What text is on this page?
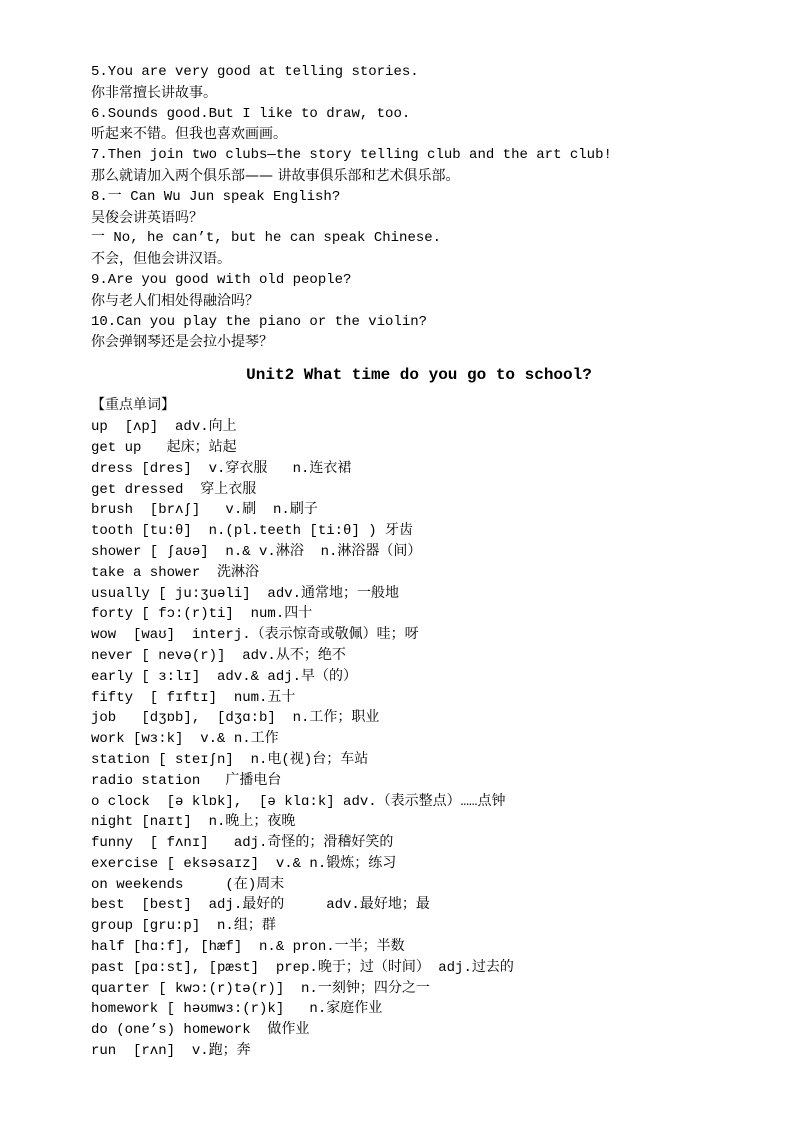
5.You are very good at telling stories.
你非常擅长讲故事。
6.Sounds good.But I like to draw, too.
听起来不错。但我也喜欢画画。
7.Then join two clubs—the story telling club and the art club!
那么就请加入两个俱乐部—— 讲故事俱乐部和艺术俱乐部。
8.一 Can Wu Jun speak English?
吴俊会讲英语吗？
一 No, he can’t, but he can speak Chinese.
不会，但他会讲汉语。
9.Are you good with old people?
你与老人们相处得融洽吗？
10.Can you play the piano or the violin?
你会弹钢琴还是会拉小提琴？
Unit2 What time do you go to school?
【重点单词】
up  [ʌp]  adv.向上
get up   起床；站起
dress [dres]  v.穿衣服   n.连衣裙
get dressed  穿上衣服
brush  [brʌʃ]   v.刷  n.刷子
tooth [tu:θ]  n.(pl.teeth [ti:θ] ) 牙齿
shower [ ʃaʊə]  n.& v.淋浴  n.淋浴器（间）
take a shower  洗淋浴
usually [ ju:ʒuəli]  adv.通常地；一般地
forty [ fɔ:(r)ti]  num.四十
wow  [waʊ]  interj.（表示惊奇或敬佩）哇；呀
never [ nevə(r)]  adv.从不；绝不
early [ ɜ:lɪ]  adv.& adj.早（的）
fifty  [ fɪftɪ]  num.五十
job   [dʒɒb],  [dʒɑ:b]  n.工作；职业
work [wɜ:k]  v.& n.工作
station [ steɪʃn]  n.电(视)台；车站
radio station   广播电台
o clock  [ə klɒk],  [ə klɑ:k] adv.（表示整点）……点钟
night [naɪt]  n.晚上；夜晚
funny  [ fʌnɪ]   adj.奇怪的；滑稽好笑的
exercise [ eksəsaɪz]  v.& n.锻炼；练习
on weekends     (在)周末
best  [best]  adj.最好的     adv.最好地；最
group [gru:p]  n.组；群
half [hɑ:f], [hæf]  n.& pron.一半；半数
past [pɑ:st], [pæst]  prep.晚于；过（时间） adj.过去的
quarter [ kwɔ:(r)tə(r)]  n.一刻钟；四分之一
homework [ həʊmwɜ:(r)k]   n.家庭作业
do (one’s) homework  做作业
run  [rʌn]  v.跑；奔
